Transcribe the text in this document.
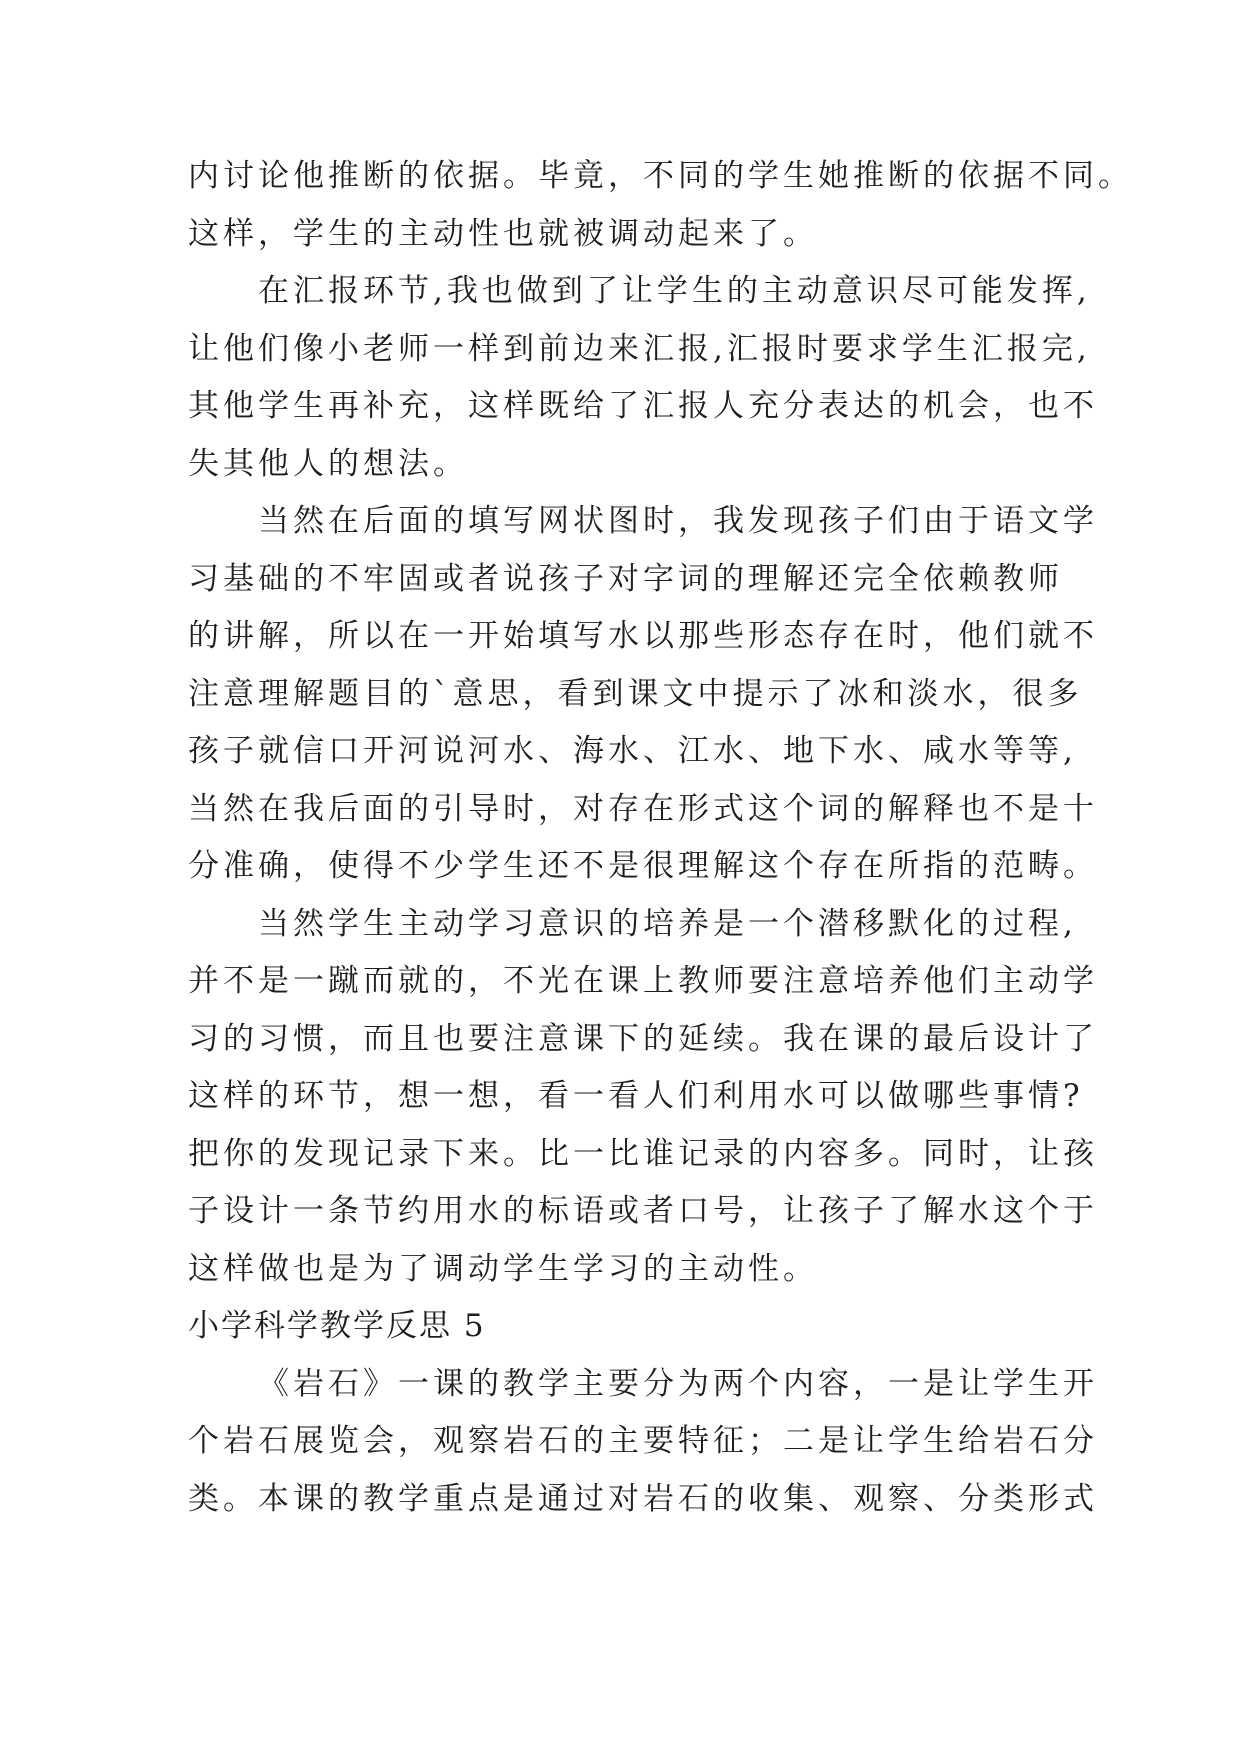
内讨论他推断的依据。毕竟，不同的学生她推断的依据不同。
这样，学生的主动性也就被调动起来了。
在汇报环节,我也做到了让学生的主动意识尽可能发挥,
让他们像小老师一样到前边来汇报,汇报时要求学生汇报完,
其他学生再补充，这样既给了汇报人充分表达的机会，也不
失其他人的想法。
当然在后面的填写网状图时，我发现孩子们由于语文学
习基础的不牢固或者说孩子对字词的理解还完全依赖教师
的讲解，所以在一开始填写水以那些形态存在时，他们就不
注意理解题目的`意思，看到课文中提示了冰和淡水，很多
孩子就信口开河说河水、海水、江水、地下水、咸水等等,
当然在我后面的引导时，对存在形式这个词的解释也不是十
分准确，使得不少学生还不是很理解这个存在所指的范畴。
当然学生主动学习意识的培养是一个潜移默化的过程,
并不是一蹴而就的，不光在课上教师要注意培养他们主动学
习的习惯，而且也要注意课下的延续。我在课的最后设计了
这样的环节，想一想，看一看人们利用水可以做哪些事情?
把你的发现记录下来。比一比谁记录的内容多。同时，让孩
子设计一条节约用水的标语或者口号，让孩子了解水这个于
这样做也是为了调动学生学习的主动性。
小学科学教学反思 5
《岩石》一课的教学主要分为两个内容，一是让学生开
个岩石展览会，观察岩石的主要特征；二是让学生给岩石分
类。本课的教学重点是通过对岩石的收集、观察、分类形式
